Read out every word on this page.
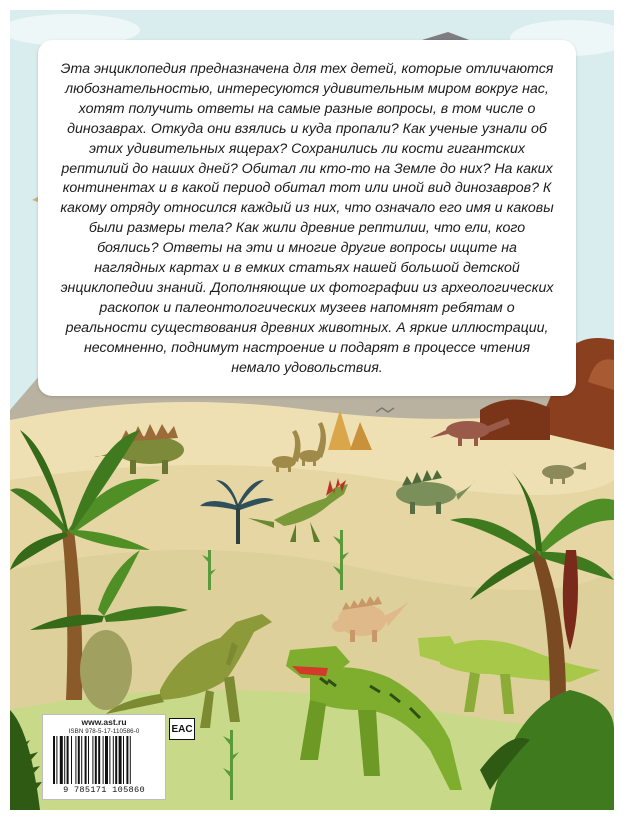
Эта энциклопедия предназначена для тех детей, которые отличаются любознательностью, интересуются удивительным миром вокруг нас, хотят получить ответы на самые разные вопросы, в том числе о динозаврах. Откуда они взялись и куда пропали? Как ученые узнали об этих удивительных ящерах? Сохранились ли кости гигантских рептилий до наших дней? Обитал ли кто-то на Земле до них? На каких континентах и в какой период обитал тот или иной вид динозавров? К какому отряду относился каждый из них, что означало его имя и каковы были размеры тела? Как жили древние рептилии, что ели, кого боялись? Ответы на эти и многие другие вопросы ищите на наглядных картах и в емких статьях нашей большой детской энциклопедии знаний. Дополняющие их фотографии из археологических раскопок и палеонтологических музеев напомнят ребятам о реальности существования древних животных. А яркие иллюстрации, несомненно, поднимут настроение и подарят в процессе чтения немало удовольствия.

www.ast.ru
ISBN 978-5-17-110586-0
9 785171 105860
EAC
